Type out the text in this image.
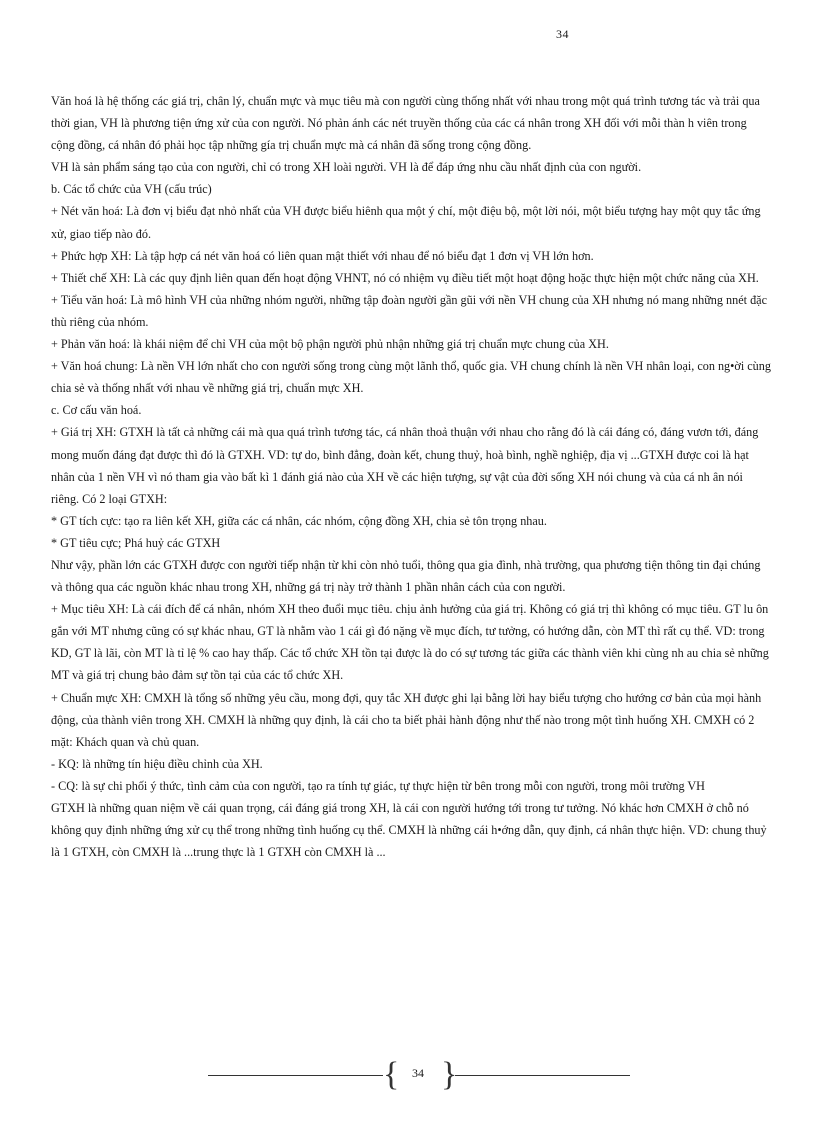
34
Văn hoá là hệ thống các giá trị, chân lý, chuẩn mực và mục tiêu mà con người cùng thống nhất với nhau trong một quá trình tương tác và trải qua
thời gian, VH là phương tiện ứng xử của con người. Nó phản ánh các nét truyền thống của các cá nhân trong XH đối với mỗi thàn h viên trong
cộng đồng, cá nhân đó phải học tập những gía trị chuẩn mực mà cá nhân đã sống trong cộng đồng.
VH là sản phẩm sáng tạo của con người, chỉ có trong XH loài người. VH là để đáp ứng nhu cầu nhất định của con người.
b. Các tổ chức của VH (cấu trúc)
+ Nét văn hoá: Là đơn vị biểu đạt nhỏ nhất của VH được biểu hiênh qua một ý chí, một điệu bộ, một lời nói, một biểu tượng hay một quy tắc ứng
xử, giao tiếp nào đó.
+ Phức hợp XH: Là tập hợp cá nét văn hoá có liên quan mật thiết với nhau để nó biểu đạt 1 đơn vị VH lớn hơn.
+ Thiết chế XH: Là các quy định liên quan đến hoạt động VHNT, nó có nhiệm vụ điều tiết một hoạt động hoặc thực hiện một chức năng của XH.
+ Tiểu văn hoá: Là mô hình VH của những nhóm người, những tập đoàn người gần gũi với nền VH chung của XH nhưng nó mang những nnét đặc
thù riêng của nhóm.
+ Phản văn hoá: là khái niệm để chỉ VH của một bộ phận người phủ nhận những giá trị chuẩn mực chung của XH.
+ Văn hoá chung: Là nền VH lớn nhất cho con người sống trong cùng một lãnh thổ, quốc gia. VH chung chính là nền VH nhân loại, con ng•ời cùng
chia sẻ và thống nhất với nhau về những giá trị, chuẩn mực XH.
c. Cơ cấu văn hoá.
+ Giá trị XH: GTXH là tất cả những cái mà qua quá trình tương tác, cá nhân thoả thuận với nhau cho rằng đó là cái đáng có, đáng vươn tới, đáng
mong muốn đáng đạt được thì đó là GTXH. VD: tự do, bình đẳng, đoàn kết, chung thuỷ, hoà bình, nghề nghiệp, địa vị ...GTXH được coi là hạt
nhân của 1 nền VH vì nó tham gia vào bất kì 1 đánh giá nào của XH về các hiện tượng, sự vật của đời sống XH nói chung và của cá nh ân nói
riêng. Có 2 loại GTXH:
* GT tích cực: tạo ra liên kết XH, giữa các cá nhân, các nhóm, cộng đồng XH, chia sẻ tôn trọng nhau.
* GT tiêu cực; Phá huỷ các GTXH
Như vậy, phần lớn các GTXH được con người tiếp nhận từ khi còn nhỏ tuổi, thông qua gia đình, nhà trường, qua phương tiện thông tin đại chúng
và thông qua các nguồn khác nhau trong XH, những gá trị này trở thành 1 phần nhân cách của con người.
+ Mục tiêu XH: Là cái đích để cá nhân, nhóm XH theo đuổi mục tiêu. chịu ảnh hưởng của giá trị. Không có giá trị thì không có mục tiêu. GT lu ôn
gắn với MT nhưng cũng có sự khác nhau, GT là nhằm vào 1 cái gì đó nặng về mục đích, tư tưởng, có hướng dẫn, còn MT thì rất cụ thể. VD: trong
KD, GT là lãi, còn MT là tỉ lệ % cao hay thấp. Các tổ chức XH tồn tại được là do có sự tương tác giữa các thành viên khi cùng nh au chia sẻ những
MT và giá trị chung bảo đảm sự tồn tại của các tổ chức XH.
+ Chuẩn mực XH: CMXH là tổng số những yêu cầu, mong đợi, quy tắc XH được ghi lại bằng lời hay biểu tượng cho hướng cơ bản của mọi hành
động, của thành viên trong XH. CMXH là những quy định, là cái cho ta biết phải hành động như thế nào trong một tình huống XH. CMXH có 2
mặt: Khách quan và chủ quan.
- KQ: là những tín hiệu điều chỉnh của XH.
- CQ: là sự chi phối ý thức, tình cảm của con người, tạo ra tính tự giác, tự thực hiện từ bên trong mỗi con người, trong môi trường VH
GTXH là những quan niệm về cái quan trọng, cái đáng giá trong XH, là cái con người hướng tới trong tư tưởng. Nó khác hơn CMXH ở chỗ nó
không quy định những ứng xử cụ thể trong những tình huống cụ thể. CMXH là những cái h•ớng dẫn, quy định, cá nhân thực hiện. VD: chung thuỷ
là 1 GTXH, còn CMXH là ...trung thực là 1 GTXH còn CMXH là ...
{	34 }
